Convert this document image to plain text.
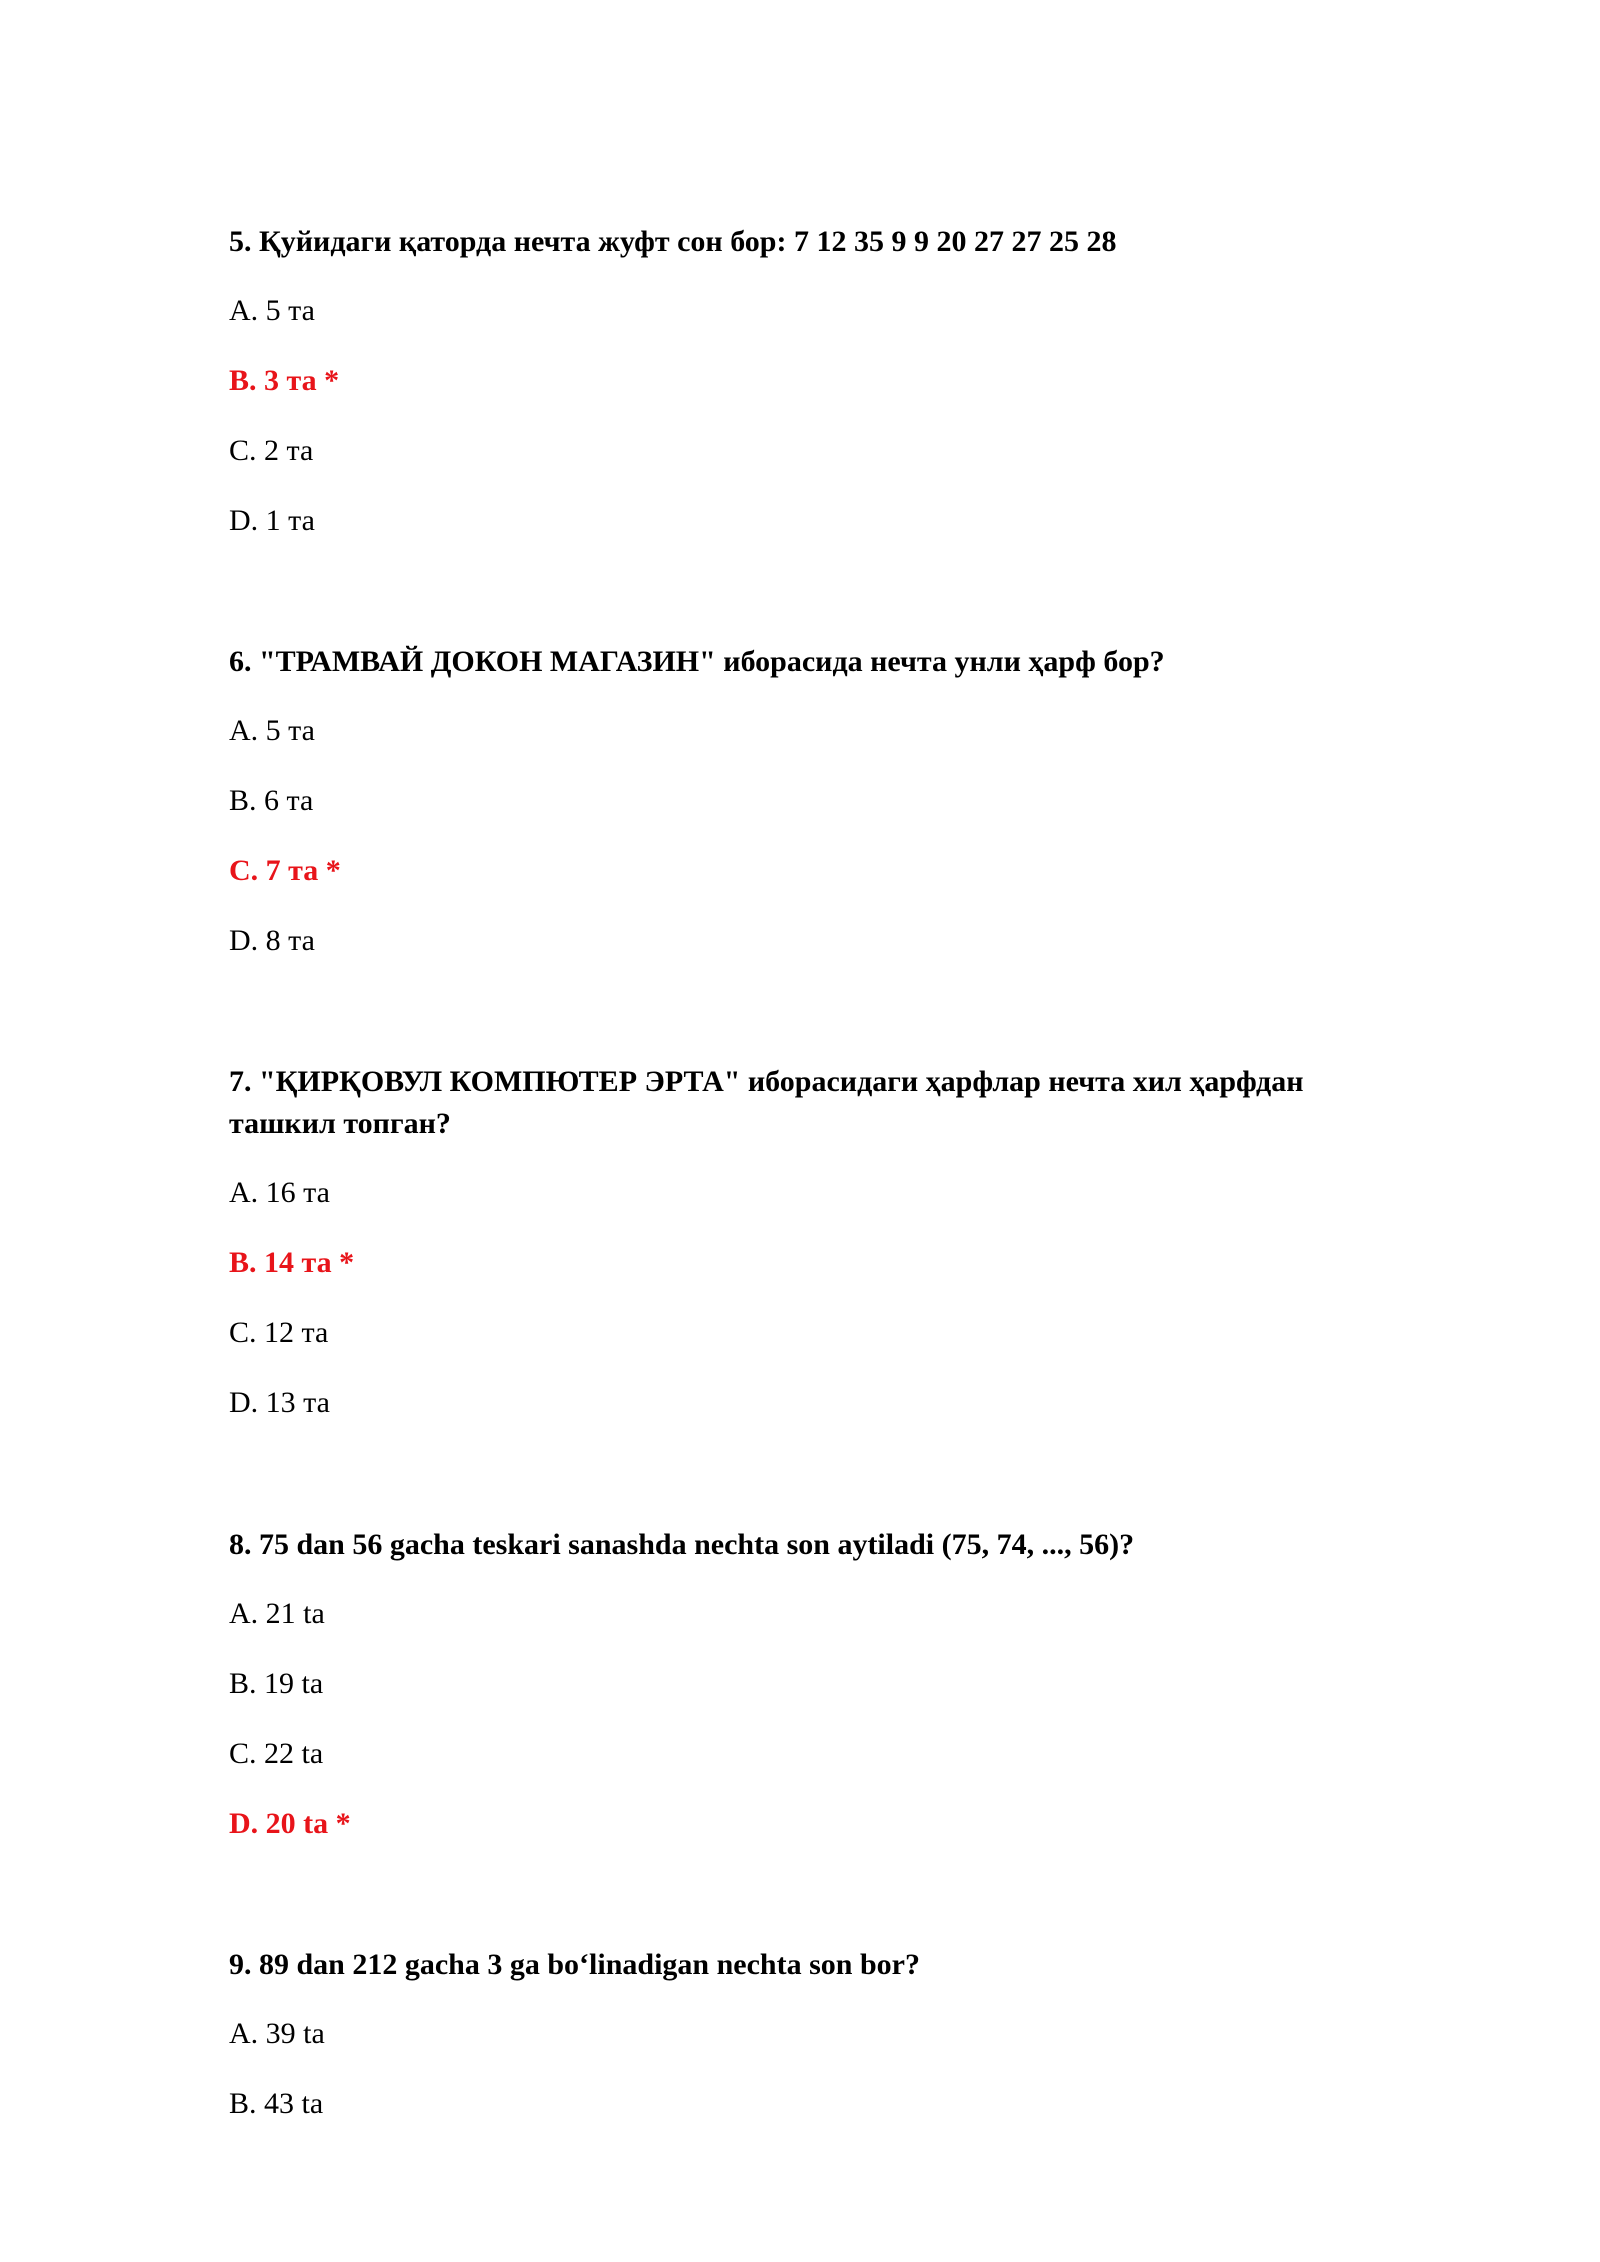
5. Қуйидаги қаторда нечта жуфт сон бор: 7 12 35 9 9 20 27 27 25 28

A. 5 та

B. 3 та *

C. 2 та

D. 1 та

6. "ТРАМВАЙ ДОКОН МАГАЗИН" иборасида нечта унли ҳарф бор?

A. 5 та

B. 6 та

C. 7 та *

D. 8 та

7. "ҚИРҚОВУЛ КОМПЮТЕР ЭРТА" иборасидаги ҳарфлар нечта хил ҳарфдан ташкил топган?

A. 16 та

B. 14 та *

C. 12 та

D. 13 та

8. 75 dan 56 gacha teskari sanashda nechta son aytiladi (75, 74, ..., 56)?

A. 21 ta

B. 19 ta

C. 22 ta

D. 20 ta *

9. 89 dan 212 gacha 3 ga bo‘linadigan nechta son bor?

A. 39 ta

B. 43 ta
